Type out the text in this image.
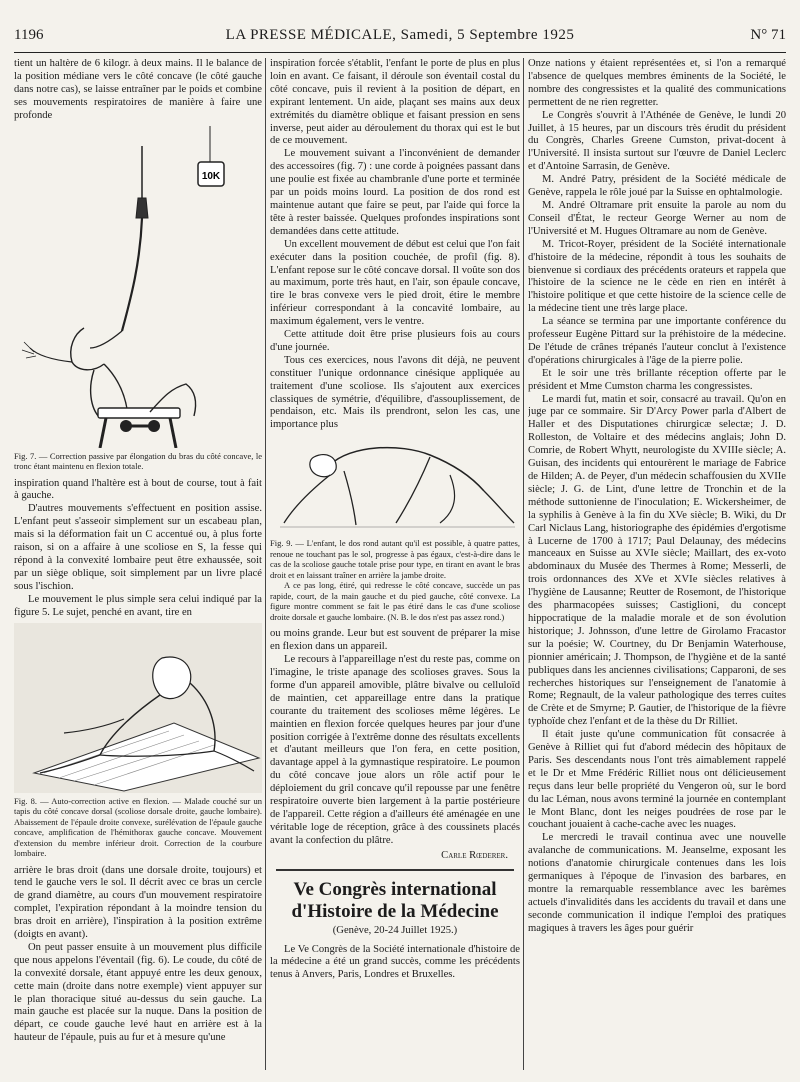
1196	LA PRESSE MÉDICALE, Samedi, 5 Septembre 1925	N° 71

tient un haltère de 6 kilogr. à deux mains. Il le balance de la position médiane vers le côté concave (le côté gauche dans notre cas), se laisse entraîner par le poids et combine ses mouvements respiratoires de manière à faire une profonde

10K

Fig. 7. — Correction passive par élongation du bras du côté concave, le tronc étant maintenu en flexion totale.

inspiration quand l'haltère est à bout de course, tout à fait à gauche.

D'autres mouvements s'effectuent en position assise. L'enfant peut s'asseoir simplement sur un escabeau plan, mais si la déformation fait un C accentué ou, à plus forte raison, si on a affaire à une scoliose en S, la fesse qui répond à la convexité lombaire peut être exhaussée, soit par un siège oblique, soit simplement par un livre placé sous l'ischion.

Le mouvement le plus simple sera celui indiqué par la figure 5. Le sujet, penché en avant, tire en

Fig. 8. — Auto-correction active en flexion. — Malade couché sur un tapis du côté concave dorsal (scoliose dorsale droite, gauche lombaire). Abaissement de l'épaule droite convexe, surélévation de l'épaule gauche concave, amplification de l'hémithorax gauche concave. Mouvement d'extension du membre inférieur droit. Correction de la courbure lombaire.

arrière le bras droit (dans une dorsale droite, toujours) et tend le gauche vers le sol. Il décrit avec ce bras un cercle de grand diamètre, au cours d'un mouvement respiratoire complet, l'expiration répondant à la moindre tension du bras droit en arrière), l'inspiration à la position extrême (doigts en avant).

On peut passer ensuite à un mouvement plus difficile que nous appelons l'éventail (fig. 6). Le coude, du côté de la convexité dorsale, étant appuyé entre les deux genoux, cette main (droite dans notre exemple) vient appuyer sur le plan thoracique situé au-dessus du sein gauche. La main gauche est placée sur la nuque. Dans la position de départ, ce coude gauche levé haut en arrière est à la hauteur de l'épaule, puis au fur et à mesure qu'une

inspiration forcée s'établit, l'enfant le porte de plus en plus loin en avant. Ce faisant, il déroule son éventail costal du côté concave, puis il revient à la position de départ, en expirant lentement. Un aide, plaçant ses mains aux deux extrémités du diamètre oblique et faisant pression en sens inverse, peut aider au déroulement du thorax qui est le but de ce mouvement.

Le mouvement suivant a l'inconvénient de demander des accessoires (fig. 7) : une corde à poignées passant dans une poulie est fixée au chambranle d'une porte et terminée par un poids moins lourd. La position de dos rond est maintenue autant que faire se peut, par l'aide qui force la tête à rester baissée. Quelques profondes inspirations sont demandées dans cette attitude.

Un excellent mouvement de début est celui que l'on fait exécuter dans la position couchée, de profil (fig. 8). L'enfant repose sur le côté concave dorsal. Il voûte son dos au maximum, porte très haut, en l'air, son épaule concave, tire le bras convexe vers le pied droit, étire le membre inférieur correspondant à la concavité lombaire, au maximum également, vers le ventre.

Cette attitude doit être prise plusieurs fois au cours d'une journée.

Tous ces exercices, nous l'avons dit déjà, ne peuvent constituer l'unique ordonnance cinésique appliquée au traitement d'une scoliose. Ils s'ajoutent aux exercices classiques de symétrie, d'équilibre, d'assouplissement, de pendaison, etc. Mais ils prendront, selon les cas, une importance plus

Fig. 9. — L'enfant, le dos rond autant qu'il est possible, à quatre pattes, renoue ne touchant pas le sol, progresse à pas égaux, c'est-à-dire dans le cas de la scoliose gauche totale prise pour type, en tirant en avant le bras droit et en laissant traîner en arrière la jambe droite.

A ce pas long, étiré, qui redresse le côté concave, succède un pas rapide, court, de la main gauche et du pied gauche, côté convexe. La figure montre comment se fait le pas étiré dans le cas d'une scoliose droite dorsale et gauche lombaire. (N. B. le dos n'est pas assez rond.)

ou moins grande. Leur but est souvent de préparer la mise en flexion dans un appareil.

Le recours à l'appareillage n'est du reste pas, comme on l'imagine, le triste apanage des scolioses graves. Sous la forme d'un appareil amovible, plâtre bivalve ou celluloïd de maintien, cet appareillage entre dans la pratique courante du traitement des scolioses même légères. Le maintien en flexion forcée quelques heures par jour d'une position corrigée à l'extrême donne des résultats excellents et d'autant meilleurs que l'on fera, en cette position, davantage appel à la gymnastique respiratoire. Le poumon du côté concave joue alors un rôle actif pour le déploiement du gril concave qu'il repousse par une fenêtre respiratoire ouverte bien largement à la partie postérieure de l'appareil. Cette région a d'ailleurs été aménagée en une véritable loge de réception, grâce à des coussinets placés avant la confection du plâtre.

Carle Rœderer.

Ve Congrès international
d'Histoire de la Médecine
(Genève, 20-24 Juillet 1925.)

Le Ve Congrès de la Société internationale d'histoire de la médecine a été un grand succès, comme les précédents tenus à Anvers, Paris, Londres et Bruxelles.

Onze nations y étaient représentées et, si l'on a remarqué l'absence de quelques membres éminents de la Société, le nombre des congressistes et la qualité des communications permettent de ne rien regretter.

Le Congrès s'ouvrit à l'Athénée de Genève, le lundi 20 Juillet, à 15 heures, par un discours très érudit du président du Congrès, Charles Greene Cumston, privat-docent à l'Université. Il insista surtout sur l'œuvre de Daniel Leclerc et d'Antoine Sarrasin, de Genève.

M. André Patry, président de la Société médicale de Genève, rappela le rôle joué par la Suisse en ophtalmologie.

M. André Oltramare prit ensuite la parole au nom du Conseil d'État, le recteur George Werner au nom de l'Université et M. Hugues Oltramare au nom de Genève.

M. Tricot-Royer, président de la Société internationale d'histoire de la médecine, répondit à tous les souhaits de bienvenue si cordiaux des précédents orateurs et rappela que l'histoire de la science ne le cède en rien en intérêt à l'histoire politique et que cette histoire de la science celle de la médecine tient une très large place.

La séance se termina par une importante conférence du professeur Eugène Pittard sur la préhistoire de la médecine. De l'étude de crânes trépanés l'auteur conclut à l'existence d'opérations chirurgicales à l'âge de la pierre polie.

Et le soir une très brillante réception offerte par le président et Mme Cumston charma les congressistes.

Le mardi fut, matin et soir, consacré au travail. Qu'on en juge par ce sommaire. Sir D'Arcy Power parla d'Albert de Haller et des Disputationes chirurgicæ selectæ; J. D. Rolleston, de Voltaire et des médecins anglais; John D. Comrie, de Robert Whytt, neurologiste du XVIIIe siècle; A. Guisan, des incidents qui entourèrent le mariage de Fabrice de Hilden; A. de Peyer, d'un médecin schaffousien du XVIIe siècle; J. G. de Lint, d'une lettre de Tronchin et de la méthode suttonienne de l'inoculation; E. Wickersheimer, de la syphilis à Genève à la fin du XVe siècle; B. Wiki, du Dr Carl Niclaus Lang, historiographe des épidémies d'ergotisme à Lucerne de 1700 à 1717; Paul Delaunay, des médecins manceaux en Suisse au XVIe siècle; Maillart, des ex-voto abdominaux du Musée des Thermes à Rome; Messerli, de trois ordonnances des XVe et XVIe siècles relatives à l'hygiène de Lausanne; Reutter de Rosemont, de l'historique des pharmacopées suisses; Castiglioni, du concept hippocratique de la maladie morale et de son évolution historique; J. Johnsson, d'une lettre de Girolamo Fracastor sur la poésie; W. Courtney, du Dr Benjamin Waterhouse, pionnier américain; J. Thompson, de l'hygiène et de la santé publiques dans les anciennes civilisations; Capparoni, de ses recherches historiques sur l'enseignement de l'anatomie à Rome; Regnault, de la valeur pathologique des terres cuites de Crète et de Smyrne; P. Gautier, de l'historique de la fièvre typhoïde chez l'enfant et de la thèse du Dr Rilliet.

Il était juste qu'une communication fût consacrée à Genève à Rilliet qui fut d'abord médecin des hôpitaux de Paris. Ses descendants nous l'ont très aimablement rappelé et le Dr et Mme Frédéric Rilliet nous ont délicieusement reçus dans leur belle propriété du Vengeron où, sur le bord du lac Léman, nous avons terminé la journée en contemplant le Mont Blanc, dont les neiges poudrées de rose par le couchant jouaient à cache-cache avec les nuages.

Le mercredi le travail continua avec une nouvelle avalanche de communications. M. Jeanselme, exposant les notions d'anatomie chirurgicale contenues dans les lois germaniques à l'époque de l'invasion des barbares, en montre la remarquable ressemblance avec les barèmes actuels d'invalidités dans les accidents du travail et dans une seconde communication il indique l'emploi des pratiques magiques à travers les âges pour guérir
